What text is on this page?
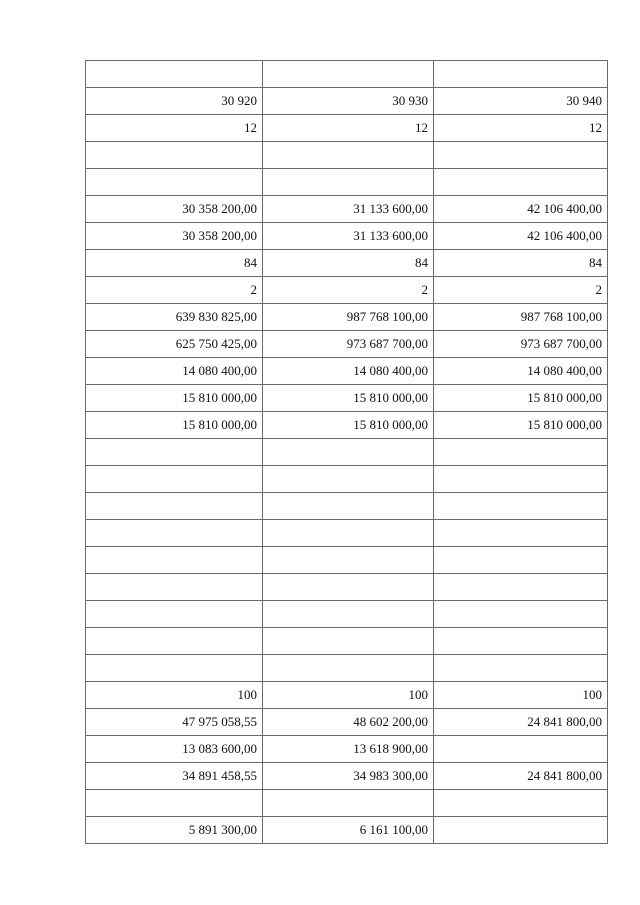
30 920	30 930	30 940
12	12	12

30 358 200,00	31 133 600,00	42 106 400,00
30 358 200,00	31 133 600,00	42 106 400,00
84	84	84
2	2	2
639 830 825,00	987 768 100,00	987 768 100,00
625 750 425,00	973 687 700,00	973 687 700,00
14 080 400,00	14 080 400,00	14 080 400,00
15 810 000,00	15 810 000,00	15 810 000,00
15 810 000,00	15 810 000,00	15 810 000,00

100	100	100
47 975 058,55	48 602 200,00	24 841 800,00
13 083 600,00	13 618 900,00	
34 891 458,55	34 983 300,00	24 841 800,00

5 891 300,00	6 161 100,00	
